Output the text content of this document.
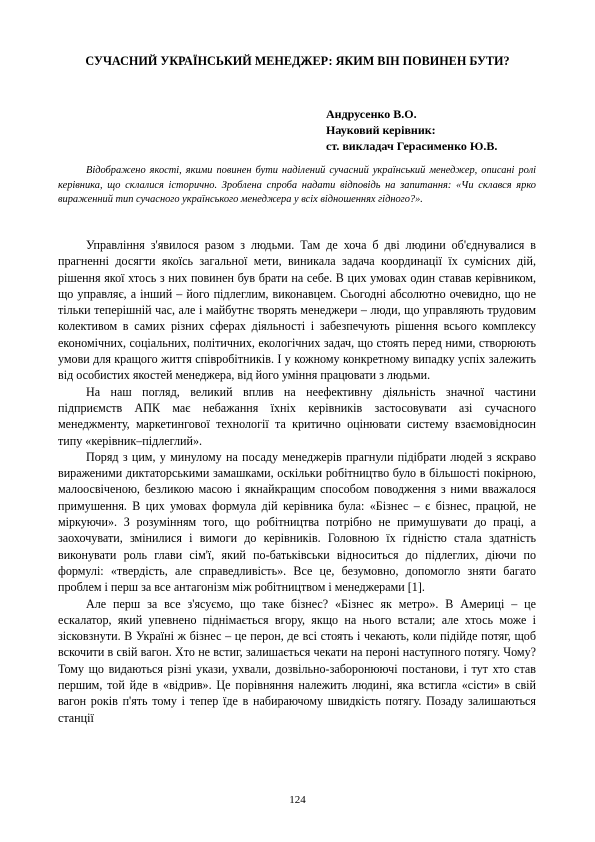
СУЧАСНИЙ УКРАЇНСЬКИЙ МЕНЕДЖЕР: ЯКИМ ВІН ПОВИНЕН БУТИ?
Андрусенко В.О.
Науковий керівник:
ст. викладач Герасименко Ю.В.
Відображено якості, якими повинен бути наділений сучасний український менеджер, описані ролі керівника, що склалися історично. Зроблена спроба надати відповідь на запитання: «Чи склався ярко вираженний тип сучасного українського менеджера у всіх відношеннях гідного?».

Управління з'явилося разом з людьми. Там де хоча б дві людини об'єднувалися в прагненні досягти якоїсь загальної мети, виникала задача координації їх сумісних дій, рішення якої хтось з них повинен був брати на себе. В цих умовах один ставав керівником, що управляє, а інший – його підлеглим, виконавцем. Сьогодні абсолютно очевидно, що не тільки теперішній час, але і майбутнє творять менеджери – люди, що управляють трудовим колективом в самих різних сферах діяльності і забезпечують рішення всього комплексу економічних, соціальних, політичних, екологічних задач, що стоять перед ними, створюють умови для кращого життя співробітників. І у кожному конкретному випадку успіх залежить від особистих якостей менеджера, від його уміння працювати з людьми.

На наш погляд, великий вплив на неефективну діяльність значної частини підприємств АПК має небажання їхніх керівників застосовувати азі сучасного менеджменту, маркетингової технології та критично оцінювати систему взаємовідносин типу «керівник–підлеглий».

Поряд з цим, у минулому на посаду менеджерів прагнули підібрати людей з яскраво вираженими диктаторськими замашками, оскільки робітництво було в більшості покірною, малоосвіченою, безликою масою і якнайкращим способом поводження з ними вважалося примушення. В цих умовах формула дій керівника була: «Бізнес – є бізнес, працюй, не міркуючи». З розумінням того, що робітництва потрібно не примушувати до праці, а заохочувати, змінилися і вимоги до керівників. Головною їх гідністю стала здатність виконувати роль глави сім'ї, який по-батьківськи відноситься до підлеглих, діючи по формулі: «твердість, але справедливість». Все це, безумовно, допомогло зняти багато проблем і перш за все антагонізм між робітництвом і менеджерами [1].

Але перш за все з'ясуємо, що таке бізнес? «Бізнес як метро». В Америці – це ескалатор, який упевнено піднімається вгору, якщо на нього встали; але хтось може і зісковзнути. В Україні ж бізнес – це перон, де всі стоять і чекають, коли підійде потяг, щоб вскочити в свій вагон. Хто не встиг, залишається чекати на пероні наступного потягу. Чому? Тому що видаються різні укази, ухвали, дозвільно-заборонюючі постанови, і тут хто став першим, той йде в «відрив». Це порівняння належить людині, яка встигла «сісти» в свій вагон років п'ять тому і тепер їде в набираючому швидкість потягу. Позаду залишаються станції

124
